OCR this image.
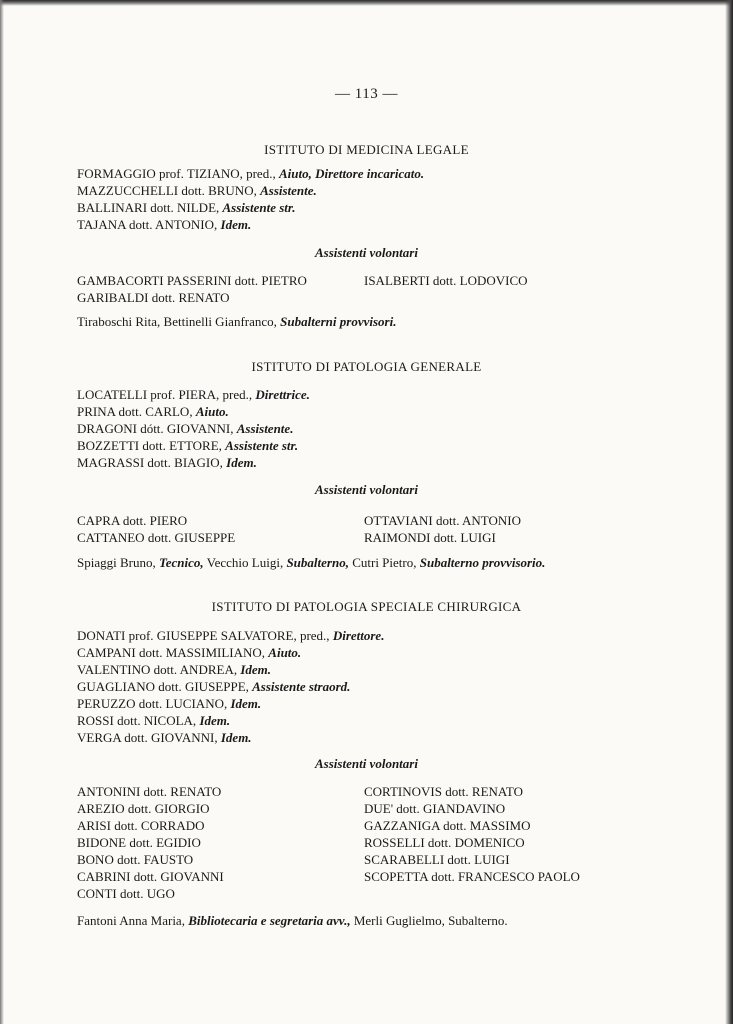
— 113 —
ISTITUTO DI MEDICINA LEGALE
FORMAGGIO prof. TIZIANO, pred., Aiuto, Direttore incaricato.
MAZZUCCHELLI dott. BRUNO, Assistente.
BALLINARI dott. NILDE, Assistente str.
TAJANA dott. ANTONIO, Idem.
Assistenti volontari
GAMBACORTI PASSERINI dott. PIETRO
GARIBALDI dott. RENATO
ISALBERTI dott. LODOVICO
Tiraboschi Rita, Bettinelli Gianfranco, Subalterni provvisori.
ISTITUTO DI PATOLOGIA GENERALE
LOCATELLI prof. PIERA, pred., Direttrice.
PRINA dott. CARLO, Aiuto.
DRAGONI dótt. GIOVANNI, Assistente.
BOZZETTI dott. ETTORE, Assistente str.
MAGRASSI dott. BIAGIO, Idem.
Assistenti volontari
CAPRA dott. PIERO
CATTANEO dott. GIUSEPPE
OTTAVIANI dott. ANTONIO
RAIMONDI dott. LUIGI
Spiaggi Bruno, Tecnico, Vecchio Luigi, Subalterno, Cutri Pietro, Subalterno provvisorio.
ISTITUTO DI PATOLOGIA SPECIALE CHIRURGICA
DONATI prof. GIUSEPPE SALVATORE, pred., Direttore.
CAMPANI dott. MASSIMILIANO, Aiuto.
VALENTINO dott. ANDREA, Idem.
GUAGLIANO dott. GIUSEPPE, Assistente straord.
PERUZZO dott. LUCIANO, Idem.
ROSSI dott. NICOLA, Idem.
VERGA dott. GIOVANNI, Idem.
Assistenti volontari
ANTONINI dott. RENATO
AREZIO dott. GIORGIO
ARISI dott. CORRADO
BIDONE dott. EGIDIO
BONO dott. FAUSTO
CABRINI dott. GIOVANNI
CONTI dott. UGO
CORTINOVIS dott. RENATO
DUE' dott. GIANDAVINO
GAZZANIGA dott. MASSIMO
ROSSELLI dott. DOMENICO
SCARABELLI dott. LUIGI
SCOPETTA dott. FRANCESCO PAOLO
Fantoni Anna Maria, Bibliotecaria e segretaria avv., Merli Guglielmo, Subalterno.
